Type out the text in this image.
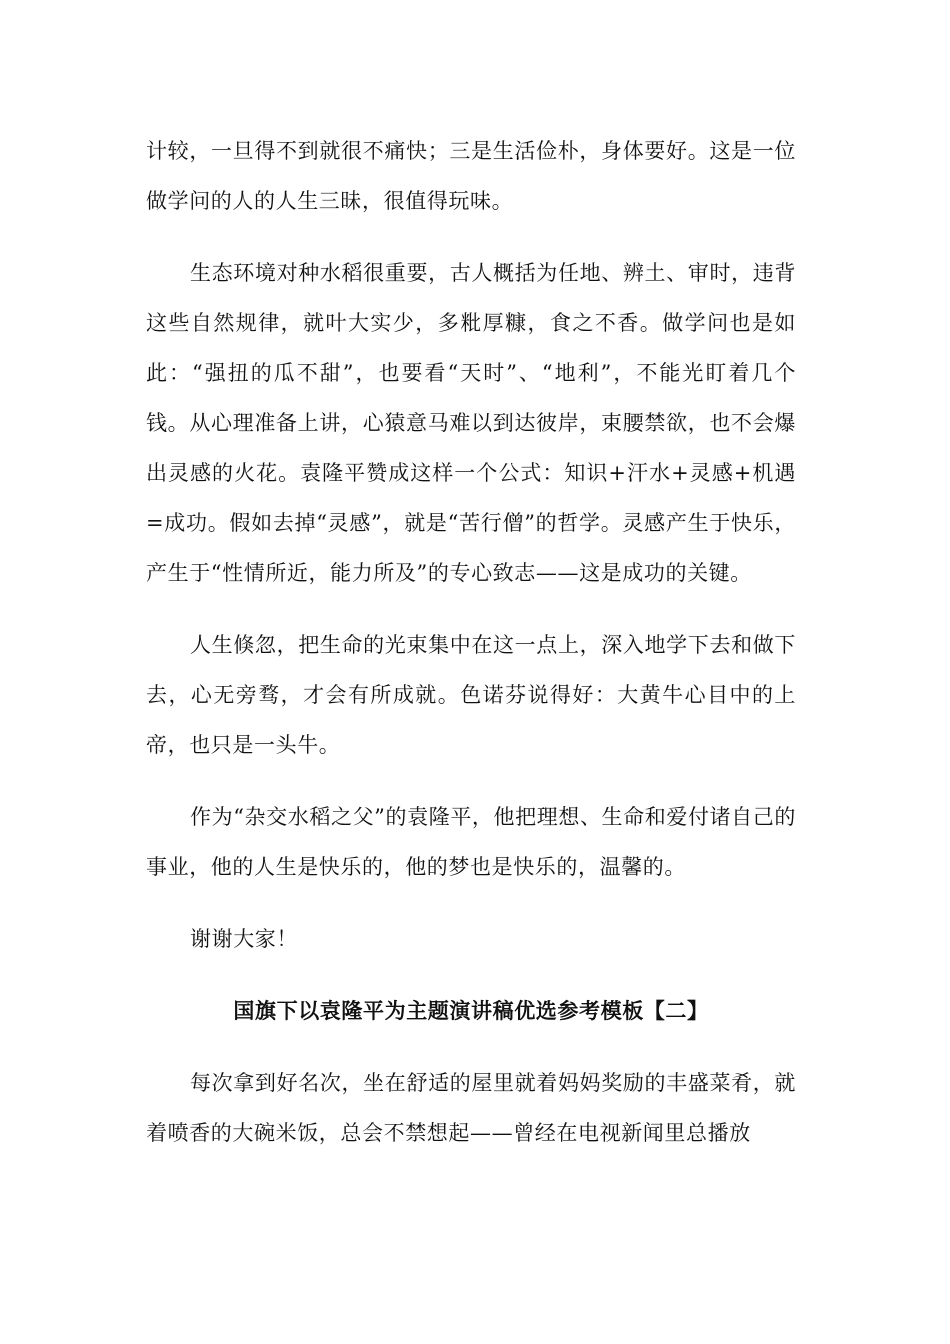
计较，一旦得不到就很不痛快；三是生活俭朴，身体要好。这是一位做学问的人的人生三昧，很值得玩味。

生态环境对种水稻很重要，古人概括为任地、辨土、审时，违背这些自然规律，就叶大实少，多粃厚糠，食之不香。做学问也是如此：“强扭的瓜不甜”，也要看“天时”、“地利”，不能光盯着几个钱。从心理准备上讲，心猿意马难以到达彼岸，束腰禁欲，也不会爆出灵感的火花。袁隆平赞成这样一个公式：知识+汗水+灵感+机遇=成功。假如去掉“灵感”，就是“苦行僧”的哲学。灵感产生于快乐，产生于“性情所近，能力所及”的专心致志——这是成功的关键。

人生倏忽，把生命的光束集中在这一点上，深入地学下去和做下去，心无旁骛，才会有所成就。色诺芬说得好：大黄牛心目中的上帝，也只是一头牛。

作为“杂交水稻之父”的袁隆平，他把理想、生命和爱付诸自己的事业，他的人生是快乐的，他的梦也是快乐的，温馨的。

谢谢大家！

国旗下以袁隆平为主题演讲稿优选参考模板【二】

每次拿到好名次，坐在舒适的屋里就着妈妈奖励的丰盛菜肴，就着喷香的大碗米饭，总会不禁想起——曾经在电视新闻里总播放
